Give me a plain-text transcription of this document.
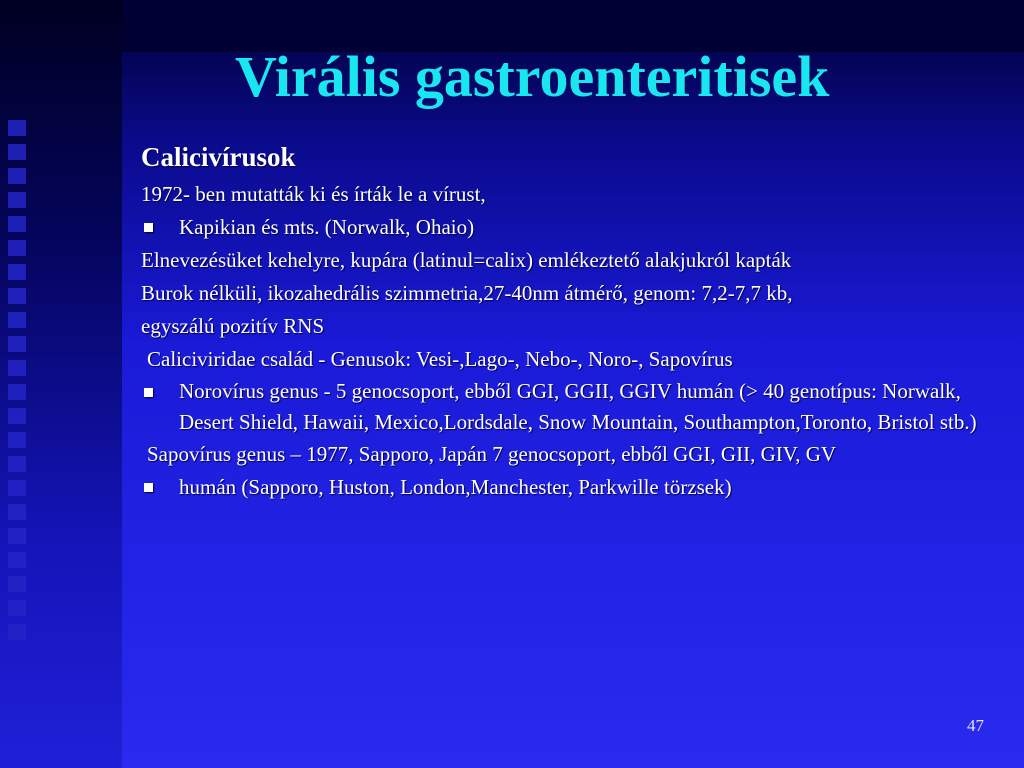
Virális gastroenteritisek
Calicivírusok
1972- ben mutatták ki és írták le a vírust,
Kapikian és mts. (Norwalk, Ohaio)
Elnevezésüket kehelyre, kupára (latinul=calix) emlékeztető alakjukról kapták
Burok nélküli, ikozahedrális szimmetria,27-40nm átmérő, genom: 7,2-7,7 kb,
egyszálú pozitív RNS
Caliciviridae család - Genusok: Vesi-,Lago-, Nebo-, Noro-, Sapovírus
Norovírus genus - 5 genocsoport, ebből GGI, GGII, GGIV humán (> 40 genotípus: Norwalk, Desert Shield, Hawaii, Mexico,Lordsdale, Snow Mountain, Southampton,Toronto, Bristol stb.)
Sapovírus genus – 1977, Sapporo, Japán 7 genocsoport, ebből GGI, GII, GIV, GV
humán (Sapporo, Huston, London,Manchester, Parkwille törzsek)
47
